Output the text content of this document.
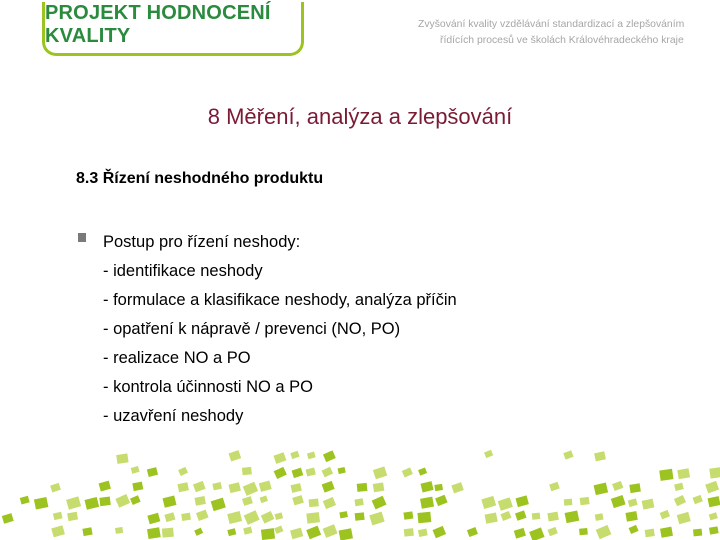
PROJEKT HODNOCENÍ KVALITY	Zvyšování kvality vzdělávání standardizací a zlepšováním
řídících procesů ve školách Královéhradeckého kraje
8 Měření, analýza a zlepšování
8.3 Řízení neshodného produktu
Postup pro řízení neshody:
- identifikace neshody
- formulace a klasifikace neshody, analýza příčin
- opatření k nápravě / prevenci (NO, PO)
- realizace NO a PO
- kontrola účinnosti NO a PO
- uzavření neshody
